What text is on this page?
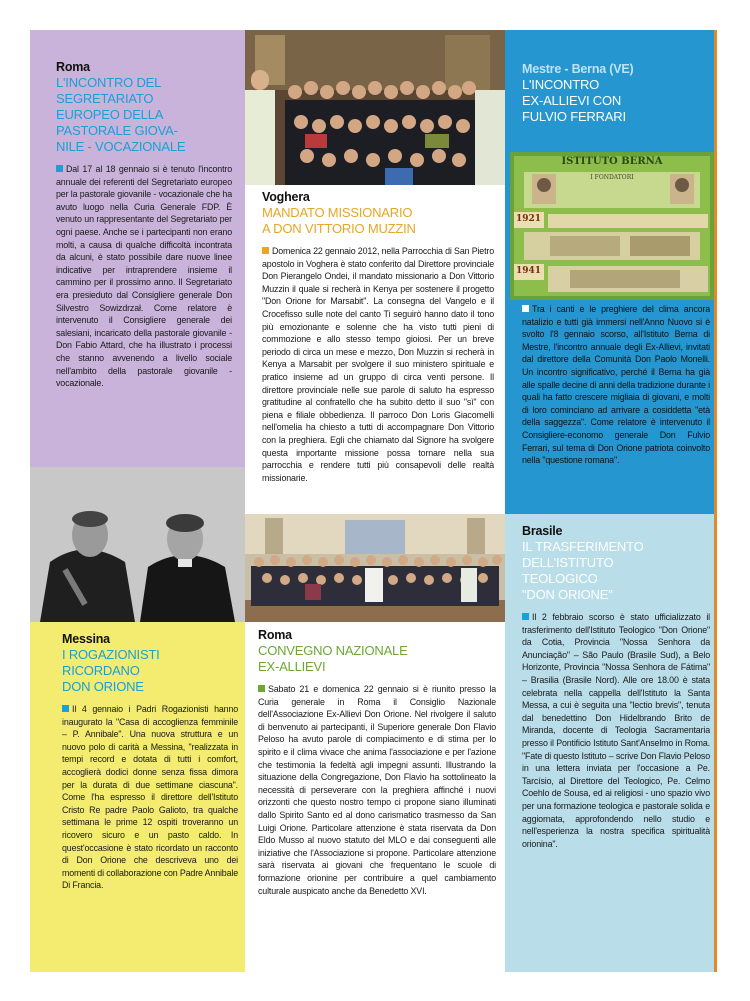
Roma
L'INCONTRO DEL
SEGRETARIATO
EUROPEO DELLA
PASTORALE GIOVA-
NILE - VOCAZIONALE
Dal 17 al 18 gennaio si è tenuto l'incontro annuale dei referenti del Segretariato europeo per la pastorale giovanile - vocazionale che ha avuto luogo nella Curia Generale FDP. È venuto un rappresentante del Segretariato per ogni paese. Anche se i partecipanti non erano molti, a causa di qualche difficoltà incontrata da alcuni, è stato possibile dare nuove linee indicative per intraprendere insieme il cammino per il prossimo anno. Il Segretariato era presieduto dal Consigliere generale Don Silvestro Sowizdrzał. Come relatore è intervenuto il Consigliere generale dei salesiani, incaricato della pastorale giovanile - Don Fabio Attard, che ha illustrato i processi che stanno avvenendo a livello sociale nell'ambito della pastorale giovanile - vocazionale.
Voghera
MANDATO MISSIONARIO
A DON VITTORIO MUZZIN
Domenica 22 gennaio 2012, nella Parrocchia di San Pietro apostolo in Voghera è stato conferito dal Direttore provinciale Don Pierangelo Ondei, il mandato missionario a Don Vittorio Muzzin il quale si recherà in Kenya per sostenere il progetto "Don Orione for Marsabit". La consegna del Vangelo e il Crocefisso sulle note del canto Ti seguirò hanno dato il tono più emozionante e solenne che ha visto tutti pieni di commozione e allo stesso tempo gioiosi. Per un breve periodo di circa un mese e mezzo, Don Muzzin si recherà in Kenya a Marsabit per svolgere il suo ministero spirituale e pratico insieme ad un gruppo di circa venti persone. Il direttore provinciale nelle sue parole di saluto ha espresso gratitudine al confratello che ha subito detto il suo "sì" con piena e filiale obbedienza. Il parroco Don Loris Giacomelli nell'omelia ha chiesto a tutti di accompagnare Don Vittorio con la preghiera. Egli che chiamato dal Signore ha svolgere questa importante missione possa tornare nella sua parrocchia e rendere tutti più consapevoli delle realtà missionarie.
Mestre - Berna (VE)
L'INCONTRO
EX-ALLIEVI CON
FULVIO FERRARI
ISTITUTO BERNA
I FONDATORI
1921
1941
Tra i canti e le preghiere del clima ancora natalizio e tutti già immersi nell'Anno Nuovo si è svolto l'8 gennaio scorso, all'Istituto Berna di Mestre, l'incontro annuale degli Ex-Allievi, invitati dal direttore della Comunità Don Paolo Monelli. Un incontro significativo, perché il Berna ha già alle spalle decine di anni della tradizione durante i quali ha fatto crescere migliaia di giovani, e molti di loro cominciano ad arrivare a cosiddetta "età della saggezza". Come relatore è intervenuto il Consigliere-economo generale Don Fulvio Ferrari, sul tema di Don Orione patriota coinvolto nella "questione romana".
Messina
I ROGAZIONISTI
RICORDANO
DON ORIONE
Il 4 gennaio i Padri Rogazionisti hanno inaugurato la "Casa di accoglienza femminile – P. Annibale". Una nuova struttura e un nuovo polo di carità a Messina, "realizzata in tempi record e dotata di tutti i comfort, accoglierà dodici donne senza fissa dimora per la durata di due settimane ciascuna". Come l'ha espresso il direttore dell'Istituto Cristo Re padre Paolo Galioto, tra qualche settimana le prime 12 ospiti troveranno un ricovero sicuro e un pasto caldo. In quest'occasione è stato ricordato un racconto di Don Orione che descriveva uno dei momenti di collaborazione con Padre Annibale Di Francia.
Roma
CONVEGNO NAZIONALE
EX-ALLIEVI
Sabato 21 e domenica 22 gennaio si è riunito presso la Curia generale in Roma il Consiglio Nazionale dell'Associazione Ex-Allievi Don Orione. Nel rivolgere il saluto di benvenuto ai partecipanti, il Superiore generale Don Flavio Peloso ha avuto parole di compiacimento e di stima per lo spirito e il clima vivace che anima l'associazione e per l'azione che testimonia la fedeltà agli impegni assunti. Illustrando la situazione della Congregazione, Don Flavio ha sottolineato la necessità di perseverare con la preghiera affinché i nuovi orizzonti che questo nostro tempo ci propone siano illuminati dallo Spirito Santo ed al dono carismatico trasmesso da San Luigi Orione. Particolare attenzione è stata riservata da Don Eldo Musso al nuovo statuto del MLO e dai conseguenti alle iniziative che l'Associazione si propone. Particolare attenzione sarà riservata ai giovani che frequentano le scuole di formazione orionine per contribuire a quel cambiamento culturale auspicato anche da Benedetto XVI.
Brasile
IL TRASFERIMENTO
DELL'ISTITUTO
TEOLOGICO
"DON ORIONE"
Il 2 febbraio scorso è stato ufficializzato il trasferimento dell'Istituto Teologico "Don Orione" da Cotia, Provincia "Nossa Senhora da Anunciação" – São Paulo (Brasile Sud), a Belo Horizonte, Provincia "Nossa Senhora de Fátima" – Brasilia (Brasile Nord). Alle ore 18.00 è stata celebrata nella cappella dell'Istituto la Santa Messa, a cui è seguita una "lectio brevis", tenuta dal benedettino Don Hidelbrando Brito de Miranda, docente di Teologia Sacramentaria presso il Pontificio Istituto Sant'Anselmo in Roma. "Fate di questo Istituto – scrive Don Flavio Peloso in una lettera inviata per l'occasione a Pe. Tarcísio, al Direttore del Teologico, Pe. Celmo Coehlo de Sousa, ed ai religiosi - uno spazio vivo per una formazione teologica e pastorale solida e aggiornata, approfondendo nello studio e nell'esperienza la nostra specifica spiritualità orionina".
